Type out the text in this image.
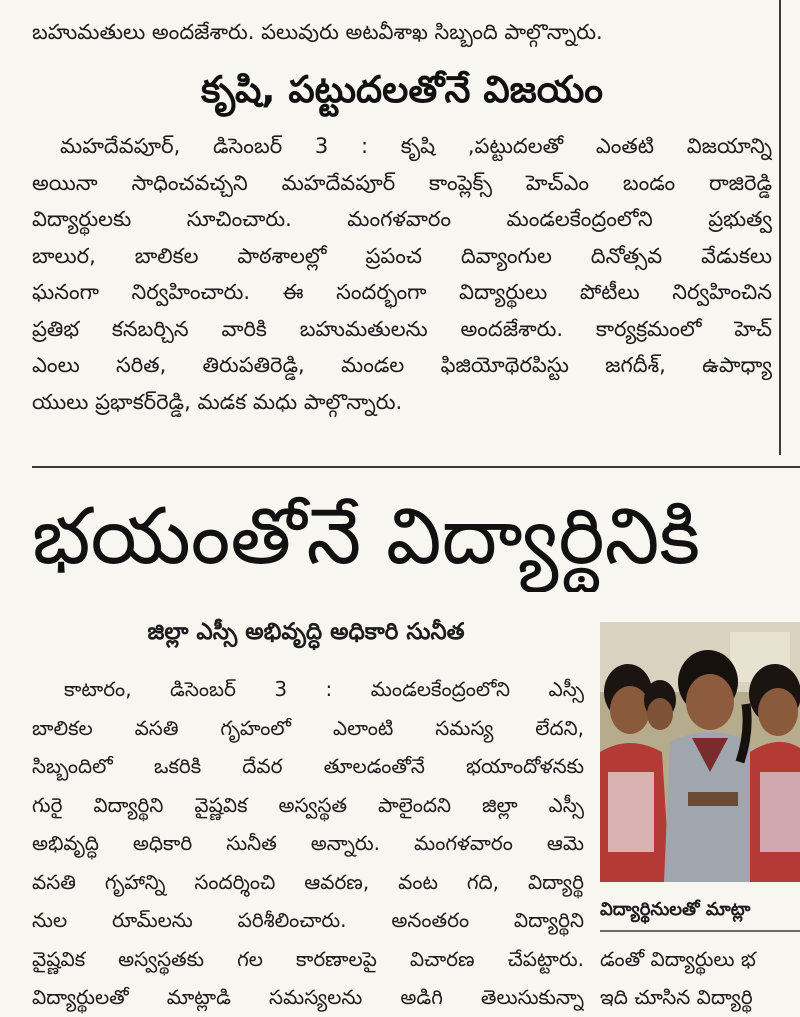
బహుమతులు అందజేశారు. పలువురు అటవీశాఖ సిబ్బంది పాల్గొన్నారు.
కృషి, పట్టుదలతోనే విజయం
మహదేవపూర్, డిసెంబర్ 3 : కృషి ,పట్టుదలతో ఎంతటి విజయాన్ని
అయినా సాధించవచ్చని మహదేవపూర్ కాంప్లెక్స్ హెచ్‌ఎం బండం రాజిరెడ్డి
విద్యార్థులకు సూచించారు. మంగళవారం మండలకేంద్రంలోని ప్రభుత్వ
బాలుర, బాలికల పాఠశాలల్లో ప్రపంచ దివ్యాంగుల దినోత్సవ వేడుకలు
ఘనంగా నిర్వహించారు. ఈ సందర్భంగా విద్యార్థులు పోటీలు నిర్వహించిన
ప్రతిభ కనబర్చిన వారికి బహుమతులను అందజేశారు. కార్యక్రమంలో హెచ్
ఎంలు సరిత, తిరుపతిరెడ్డి, మండల ఫిజియోథెరపిస్టు జగదీశ్, ఉపాధ్యా
యులు ప్రభాకర్‌రెడ్డి, మడక మధు పాల్గొన్నారు.
భయంతోనే విద్యార్థినికి
జిల్లా ఎస్సీ అభివృద్ధి అధికారి సునీత
కాటారం, డిసెంబర్ 3 : మండలకేంద్రంలోని ఎస్సీ
బాలికల వసతి గృహంలో ఎలాంటి సమస్య లేదని,
సిబ్బందిలో ఒకరికి దేవర తూలడంతోనే భయాందోళనకు
గురై విద్యార్థిని వైష్ణవిక అస్వస్థత పాలైందని జిల్లా ఎస్సీ
అభివృద్ధి అధికారి సునీత అన్నారు. మంగళవారం ఆమె
వసతి గృహాన్ని సందర్శించి ఆవరణ, వంట గది, విద్యార్థి
నుల రూమ్‌లను పరిశీలించారు. అనంతరం విద్యార్థిని
వైష్ణవిక అస్వస్థతకు గల కారణాలపై విచారణ చేపట్టారు.
విద్యార్థులతో మాట్లాడి సమస్యలను అడిగి తెలుసుకున్నా
విద్యార్థినులతో మాట్లా
డంతో విద్యార్థులు భ
ఇది చూసిన విద్యార్థి
